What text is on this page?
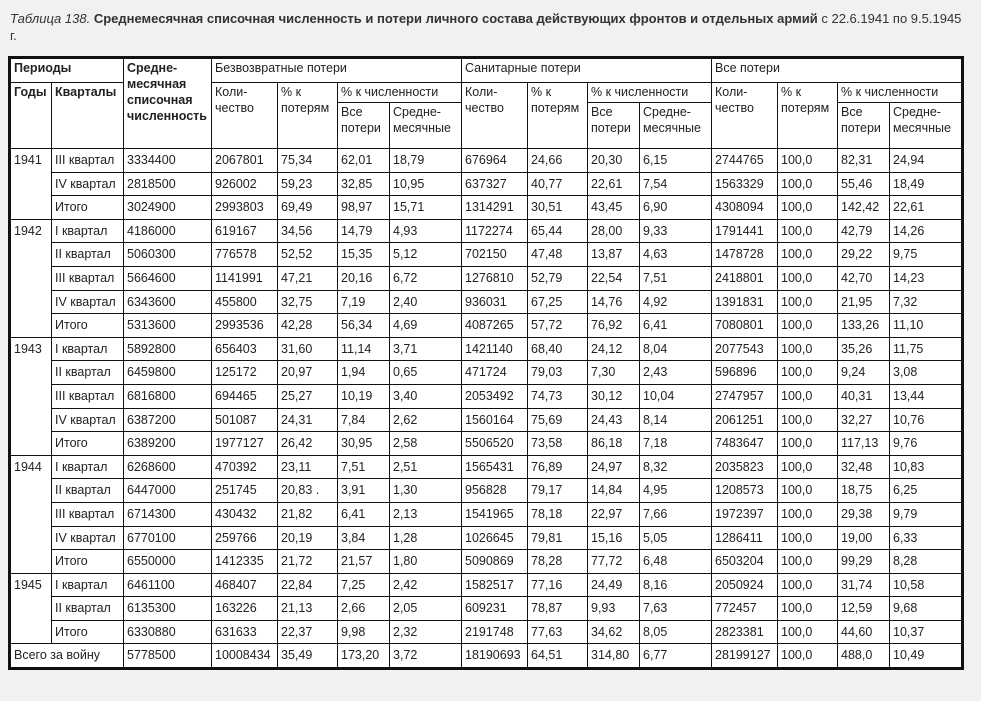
Таблица 138. Среднемесячная списочная численность и потери личного состава действующих фронтов и отдельных армий с 22.6.1941 по 9.5.1945 г.
Периоды		Средне-месячная списочная численность	Безвозвратные потери				Санитарные потери				Все потери			
Годы	Кварталы		Коли-чество	% к потерям	% к численности		Коли-чество	% к потерям	% к численности		Коли-чество	% к потерям	% к численности	
					Все потери	Средне-месячные			Все потери	Средне-месячные			Все потери	Средне-месячные
1941	III квартал	3334400	2067801	75,34	62,01	18,79	676964	24,66	20,30	6,15	2744765	100,0	82,31	24,94
	IV квартал	2818500	926002	59,23	32,85	10,95	637327	40,77	22,61	7,54	1563329	100,0	55,46	18,49
	Итого	3024900	2993803	69,49	98,97	15,71	1314291	30,51	43,45	6,90	4308094	100,0	142,42	22,61
1942	I квартал	4186000	619167	34,56	14,79	4,93	1172274	65,44	28,00	9,33	1791441	100,0	42,79	14,26
	II квартал	5060300	776578	52,52	15,35	5,12	702150	47,48	13,87	4,63	1478728	100,0	29,22	9,75
	III квартал	5664600	1141991	47,21	20,16	6,72	1276810	52,79	22,54	7,51	2418801	100,0	42,70	14,23
	IV квартал	6343600	455800	32,75	7,19	2,40	936031	67,25	14,76	4,92	1391831	100,0	21,95	7,32
	Итого	5313600	2993536	42,28	56,34	4,69	4087265	57,72	76,92	6,41	7080801	100,0	133,26	11,10
1943	I квартал	5892800	656403	31,60	11,14	3,71	1421140	68,40	24,12	8,04	2077543	100,0	35,26	11,75
	II квартал	6459800	125172	20,97	1,94	0,65	471724	79,03	7,30	2,43	596896	100,0	9,24	3,08
	III квартал	6816800	694465	25,27	10,19	3,40	2053492	74,73	30,12	10,04	2747957	100,0	40,31	13,44
	IV квартал	6387200	501087	24,31	7,84	2,62	1560164	75,69	24,43	8,14	2061251	100,0	32,27	10,76
	Итого	6389200	1977127	26,42	30,95	2,58	5506520	73,58	86,18	7,18	7483647	100,0	117,13	9,76
1944	I квартал	6268600	470392	23,11	7,51	2,51	1565431	76,89	24,97	8,32	2035823	100,0	32,48	10,83
	II квартал	6447000	251745	20,83 .	3,91	1,30	956828	79,17	14,84	4,95	1208573	100,0	18,75	6,25
	III квартал	6714300	430432	21,82	6,41	2,13	1541965	78,18	22,97	7,66	1972397	100,0	29,38	9,79
	IV квартал	6770100	259766	20,19	3,84	1,28	1026645	79,81	15,16	5,05	1286411	100,0	19,00	6,33
	Итого	6550000	1412335	21,72	21,57	1,80	5090869	78,28	77,72	6,48	6503204	100,0	99,29	8,28
1945	I квартал	6461100	468407	22,84	7,25	2,42	1582517	77,16	24,49	8,16	2050924	100,0	31,74	10,58
	II квартал	6135300	163226	21,13	2,66	2,05	609231	78,87	9,93	7,63	772457	100,0	12,59	9,68
	Итого	6330880	631633	22,37	9,98	2,32	2191748	77,63	34,62	8,05	2823381	100,0	44,60	10,37
Всего за войну		5778500	10008434	35,49	173,20	3,72	18190693	64,51	314,80	6,77	28199127	100,0	488,0	10,49
